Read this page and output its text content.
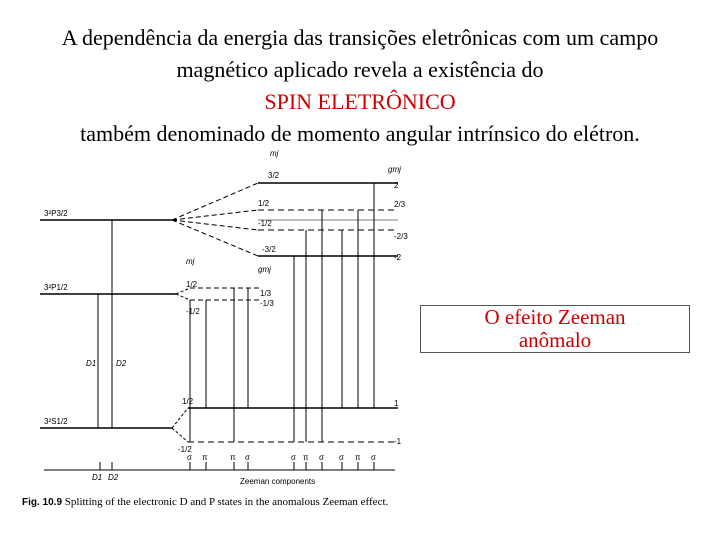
A dependência da energia das transições eletrônicas com um campo
magnético aplicado revela a existência do
SPIN ELETRÔNICO
também denominado de momento angular intrínsico do elétron.
3²P3/2
3²P1/2
3²S1/2
mj
gmj
mj
gmj
3/2
1/2
-1/2
-3/2
2
2/3
-2/3
-2
1/2
-1/2
1/3
-1/3
1/2
-1/2
1
-1
D1 D2
σ π	π σ	σ π σ σ π σ
D1 D2	Zeeman components
O efeito Zeeman
anômalo
Fig. 10.9 Splitting of the electronic D and P states in the anomalous Zeeman effect.
